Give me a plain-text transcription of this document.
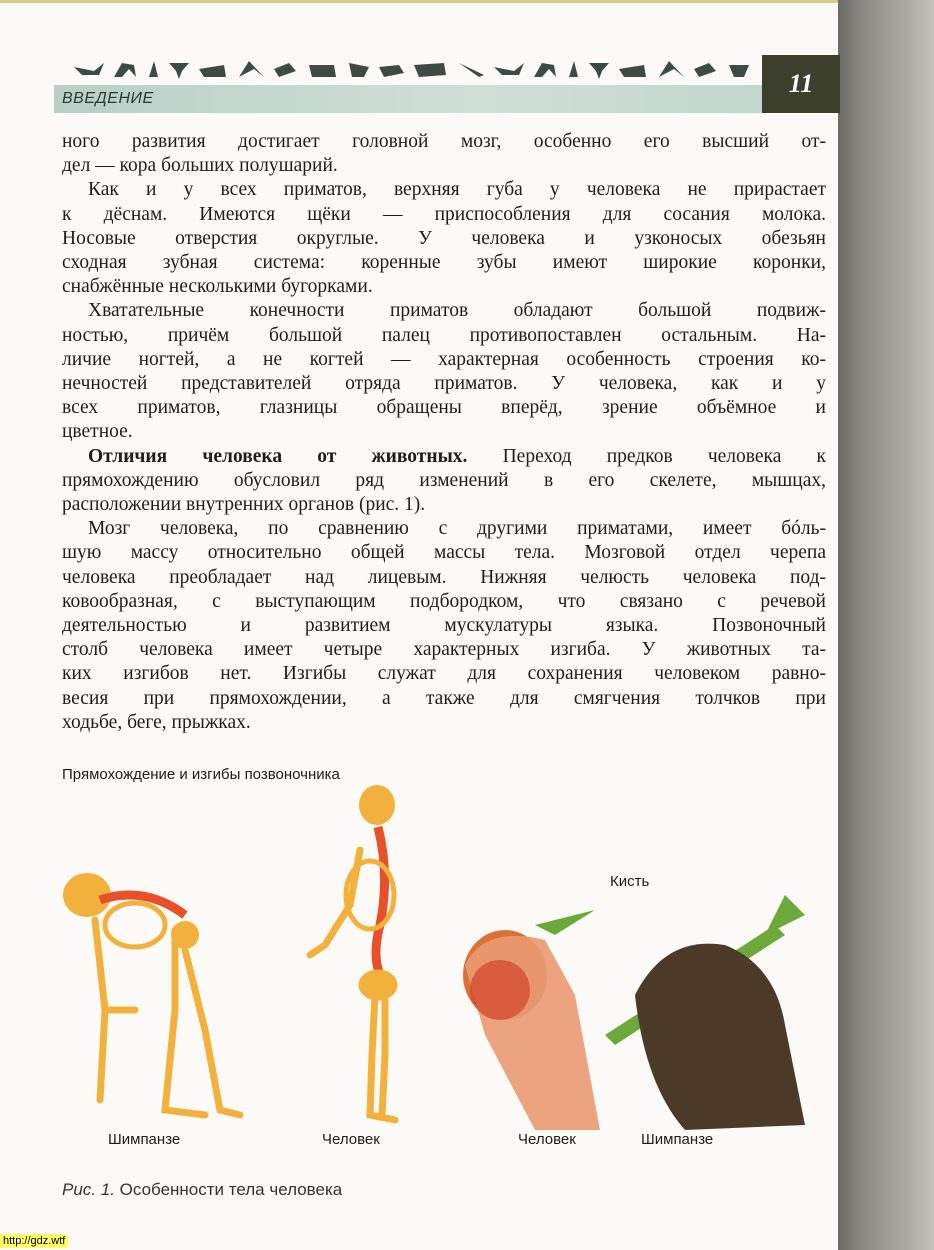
ВВЕДЕНИЕ
11
ного развития достигает головной мозг, особенно его высший от-
дел — кора больших полушарий.
Как и у всех приматов, верхняя губа у человека не прирастает
к дёснам. Имеются щёки — приспособления для сосания молока.
Носовые отверстия округлые. У человека и узконосых обезьян
сходная зубная система: коренные зубы имеют широкие коронки,
снабжённые несколькими бугорками.
Хватательные конечности приматов обладают большой подвиж-
ностью, причём большой палец противопоставлен остальным. На-
личие ногтей, а не когтей — характерная особенность строения ко-
нечностей представителей отряда приматов. У человека, как и у
всех приматов, глазницы обращены вперёд, зрение объёмное и
цветное.
Отличия человека от животных. Переход предков человека к
прямохождению обусловил ряд изменений в его скелете, мышцах,
расположении внутренних органов (рис. 1).
Мозг человека, по сравнению с другими приматами, имеет бóль-
шую массу относительно общей массы тела. Мозговой отдел черепа
человека преобладает над лицевым. Нижняя челюсть человека под-
ковообразная, с выступающим подбородком, что связано с речевой
деятельностью и развитием мускулатуры языка. Позвоночный
столб человека имеет четыре характерных изгиба. У животных та-
ких изгибов нет. Изгибы служат для сохранения человеком равно-
весия при прямохождении, а также для смягчения толчков при
ходьбе, беге, прыжках.
Прямохождение и изгибы позвоночника
Кисть
Шимпанзе	Человек	Человек	Шимпанзе
Рис. 1. Особенности тела человека
http://gdz.wtf
